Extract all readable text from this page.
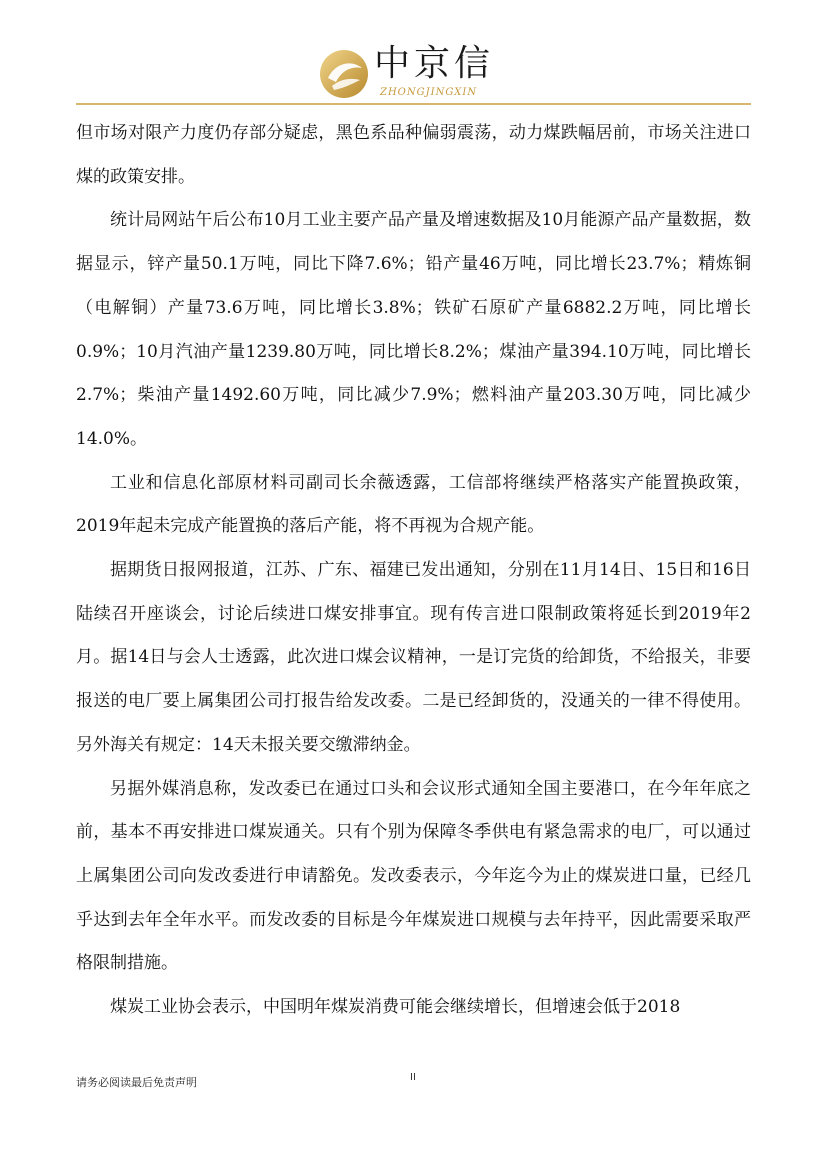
中京信
ZHONGJINGXIN

但市场对限产力度仍存部分疑虑，黑色系品种偏弱震荡，动力煤跌幅居前，市场关注进口煤的政策安排。

统计局网站午后公布10月工业主要产品产量及增速数据及10月能源产品产量数据，数据显示，锌产量50.1万吨，同比下降7.6%；铅产量46万吨，同比增长23.7%；精炼铜（电解铜）产量73.6万吨，同比增长3.8%；铁矿石原矿产量6882.2万吨，同比增长0.9%；10月汽油产量1239.80万吨，同比增长8.2%；煤油产量394.10万吨，同比增长2.7%；柴油产量1492.60万吨，同比减少7.9%；燃料油产量203.30万吨，同比减少14.0%。

工业和信息化部原材料司副司长余薇透露，工信部将继续严格落实产能置换政策，2019年起未完成产能置换的落后产能，将不再视为合规产能。

据期货日报网报道，江苏、广东、福建已发出通知，分别在11月14日、15日和16日陆续召开座谈会，讨论后续进口煤安排事宜。现有传言进口限制政策将延长到2019年2月。据14日与会人士透露，此次进口煤会议精神，一是订完货的给卸货，不给报关，非要报送的电厂要上属集团公司打报告给发改委。二是已经卸货的，没通关的一律不得使用。另外海关有规定：14天未报关要交缴滞纳金。

另据外媒消息称，发改委已在通过口头和会议形式通知全国主要港口，在今年年底之前，基本不再安排进口煤炭通关。只有个别为保障冬季供电有紧急需求的电厂，可以通过上属集团公司向发改委进行申请豁免。发改委表示，今年迄今为止的煤炭进口量，已经几乎达到去年全年水平。而发改委的目标是今年煤炭进口规模与去年持平，因此需要采取严格限制措施。

煤炭工业协会表示，中国明年煤炭消费可能会继续增长，但增速会低于2018

请务必阅读最后免责声明	II
